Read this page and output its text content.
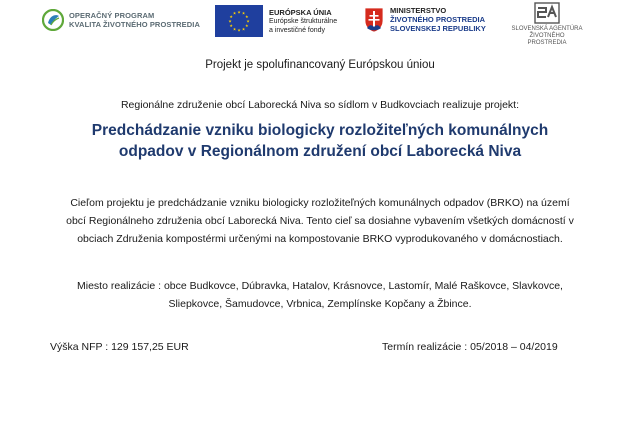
OPERAČNÝ PROGRAM
KVALITA ŽIVOTNÉHO PROSTREDIA
★ ★
★
★
★
★
★
★
★
★
★
★	EURÓPSKA ÚNIA
Európske štrukturálne
a investičné fondy
MINISTERSTVO
ŽIVOTNÉHO PROSTREDIA
SLOVENSKEJ REPUBLIKY	SLOVENSKÁ AGENTÚRA
ŽIVOTNÉHO PROSTREDIA
Projekt je spolufinancovaný Európskou úniou
Regionálne združenie obcí Laborecká Niva so sídlom v Budkovciach realizuje projekt:
Predchádzanie vzniku biologicky rozložiteľných komunálnych
odpadov v Regionálnom združení obcí Laborecká Niva
Cieľom projektu je predchádzanie vzniku biologicky rozložiteľných komunálnych odpadov (BRKO) na území
obcí Regionálneho združenia obcí Laborecká Niva. Tento cieľ sa dosiahne vybavením všetkých domácností v
obciach Združenia kompostérmi určenými na kompostovanie BRKO vyprodukovaného v domácnostiach.
Miesto realizácie : obce Budkovce, Dúbravka, Hatalov, Krásnovce, Lastomír, Malé Raškovce, Slavkovce,
Sliepkovce, Šamudovce, Vrbnica, Zemplínske Kopčany a Žbince.
Výška NFP : 129 157,25 EUR	Termín realizácie : 05/2018 – 04/2019
